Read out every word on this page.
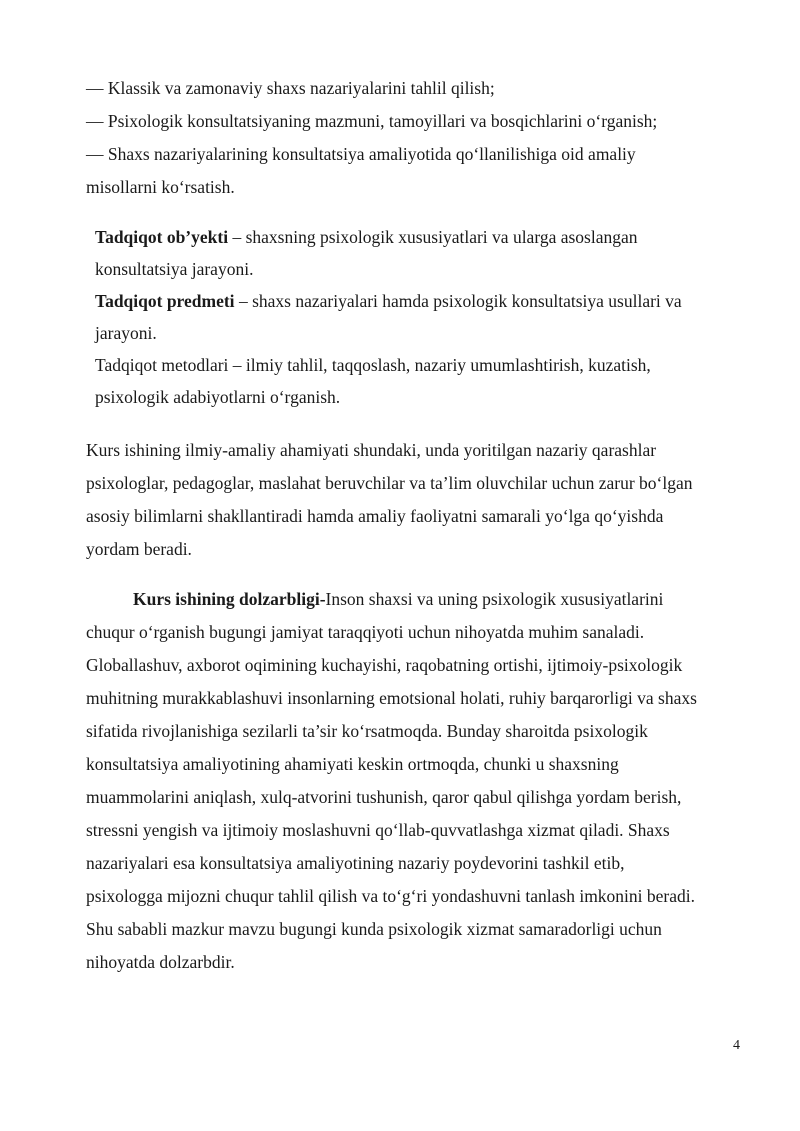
— Klassik va zamonaviy shaxs nazariyalarini tahlil qilish;
— Psixologik konsultatsiyaning mazmuni, tamoyillari va bosqichlarini o‘rganish;
— Shaxs nazariyalarining konsultatsiya amaliyotida qo‘llanilishiga oid amaliy
misollarni ko‘rsatish.
Tadqiqot ob’yekti – shaxsning psixologik xususiyatlari va ularga asoslangan
konsultatsiya jarayoni.
Tadqiqot predmeti – shaxs nazariyalari hamda psixologik konsultatsiya usullari va
jarayoni.
Tadqiqot metodlari – ilmiy tahlil, taqqoslash, nazariy umumlashtirish, kuzatish,
psixologik adabiyotlarni o‘rganish.
Kurs ishining ilmiy-amaliy ahamiyati shundaki, unda yoritilgan nazariy qarashlar
psixologlar, pedagoglar, maslahat beruvchilar va ta’lim oluvchilar uchun zarur bo‘lgan
asosiy bilimlarni shakllantiradi hamda amaliy faoliyatni samarali yo‘lga qo‘yishda
yordam beradi.
Kurs ishining dolzarbligi-Inson shaxsi va uning psixologik xususiyatlarini
chuqur o‘rganish bugungi jamiyat taraqqiyoti uchun nihoyatda muhim sanaladi.
Globallashuv, axborot oqimining kuchayishi, raqobatning ortishi, ijtimoiy-psixologik
muhitning murakkablashuvi insonlarning emotsional holati, ruhiy barqarorligi va shaxs
sifatida rivojlanishiga sezilarli ta’sir ko‘rsatmoqda. Bunday sharoitda psixologik
konsultatsiya amaliyotining ahamiyati keskin ortmoqda, chunki u shaxsning
muammolarini aniqlash, xulq-atvorini tushunish, qaror qabul qilishga yordam berish,
stressni yengish va ijtimoiy moslashuvni qo‘llab-quvvatlashga xizmat qiladi. Shaxs
nazariyalari esa konsultatsiya amaliyotining nazariy poydevorini tashkil etib,
psixologga mijozni chuqur tahlil qilish va to‘g‘ri yondashuvni tanlash imkonini beradi.
Shu sababli mazkur mavzu bugungi kunda psixologik xizmat samaradorligi uchun
nihoyatda dolzarbdir.
4
